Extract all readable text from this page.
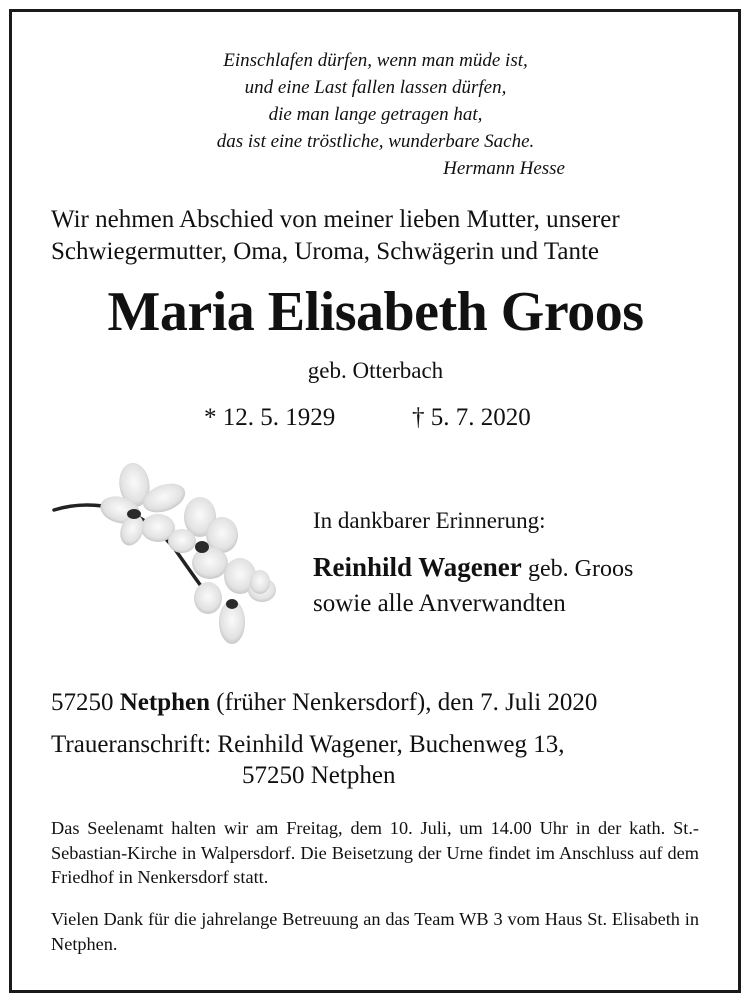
Einschlafen dürfen, wenn man müde ist,
und eine Last fallen lassen dürfen,
die man lange getragen hat,
das ist eine tröstliche, wunderbare Sache.
Hermann Hesse
Wir nehmen Abschied von meiner lieben Mutter, unserer
Schwiegermutter, Oma, Uroma, Schwägerin und Tante
Maria Elisabeth Groos
geb. Otterbach
* 12. 5. 1929	† 5. 7. 2020
In dankbarer Erinnerung:
Reinhild Wagener geb. Groos
sowie alle Anverwandten
57250 Netphen (früher Nenkersdorf), den 7. Juli 2020
Traueranschrift: Reinhild Wagener, Buchenweg 13,
57250 Netphen
Das Seelenamt halten wir am Freitag, dem 10. Juli, um 14.00 Uhr in der kath. St.-Sebastian-Kirche in Walpersdorf. Die Beisetzung der Urne findet im Anschluss auf dem Friedhof in Nenkersdorf statt.
Vielen Dank für die jahrelange Betreuung an das Team WB 3 vom Haus St. Elisabeth in Netphen.
